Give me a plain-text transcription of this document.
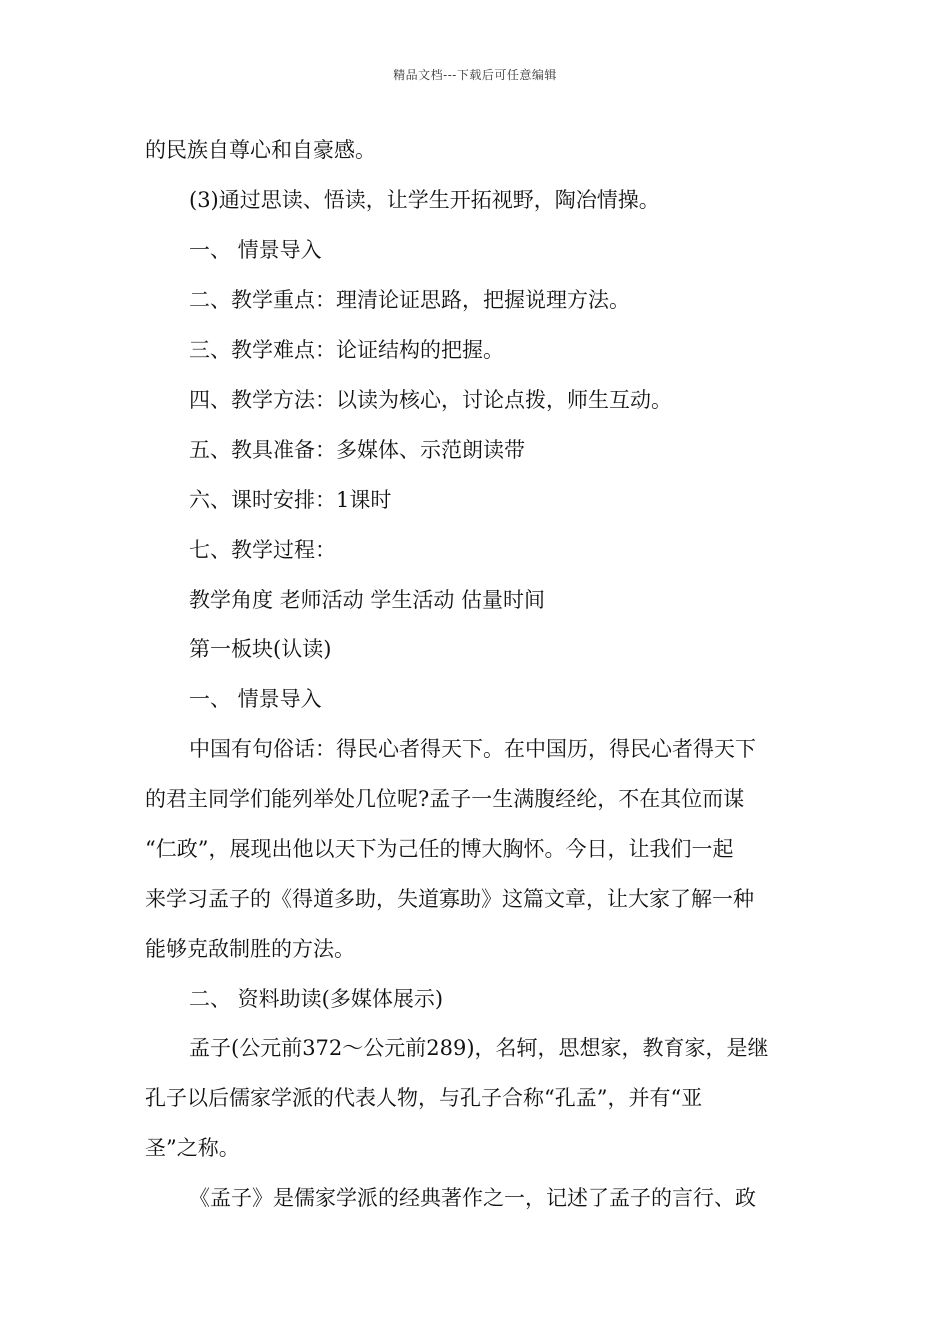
精品文档---下载后可任意编辑
的民族自尊心和自豪感。
(3)通过思读、悟读，让学生开拓视野，陶冶情操。
一、 情景导入
二、教学重点：理清论证思路，把握说理方法。
三、教学难点：论证结构的把握。
四、教学方法：以读为核心，讨论点拨，师生互动。
五、教具准备：多媒体、示范朗读带
六、课时安排：1课时
七、教学过程：
教学角度 老师活动 学生活动 估量时间
第一板块(认读)
一、 情景导入
中国有句俗话：得民心者得天下。在中国历，得民心者得天下
的君主同学们能列举处几位呢?孟子一生满腹经纶，不在其位而谋
“仁政”，展现出他以天下为己任的博大胸怀。今日，让我们一起
来学习孟子的《得道多助，失道寡助》这篇文章，让大家了解一种
能够克敌制胜的方法。
二、 资料助读(多媒体展示)
孟子(公元前372～公元前289)，名轲，思想家，教育家，是继
孔子以后儒家学派的代表人物，与孔子合称“孔孟”，并有“亚
圣”之称。
《孟子》是儒家学派的经典著作之一，记述了孟子的言行、政
